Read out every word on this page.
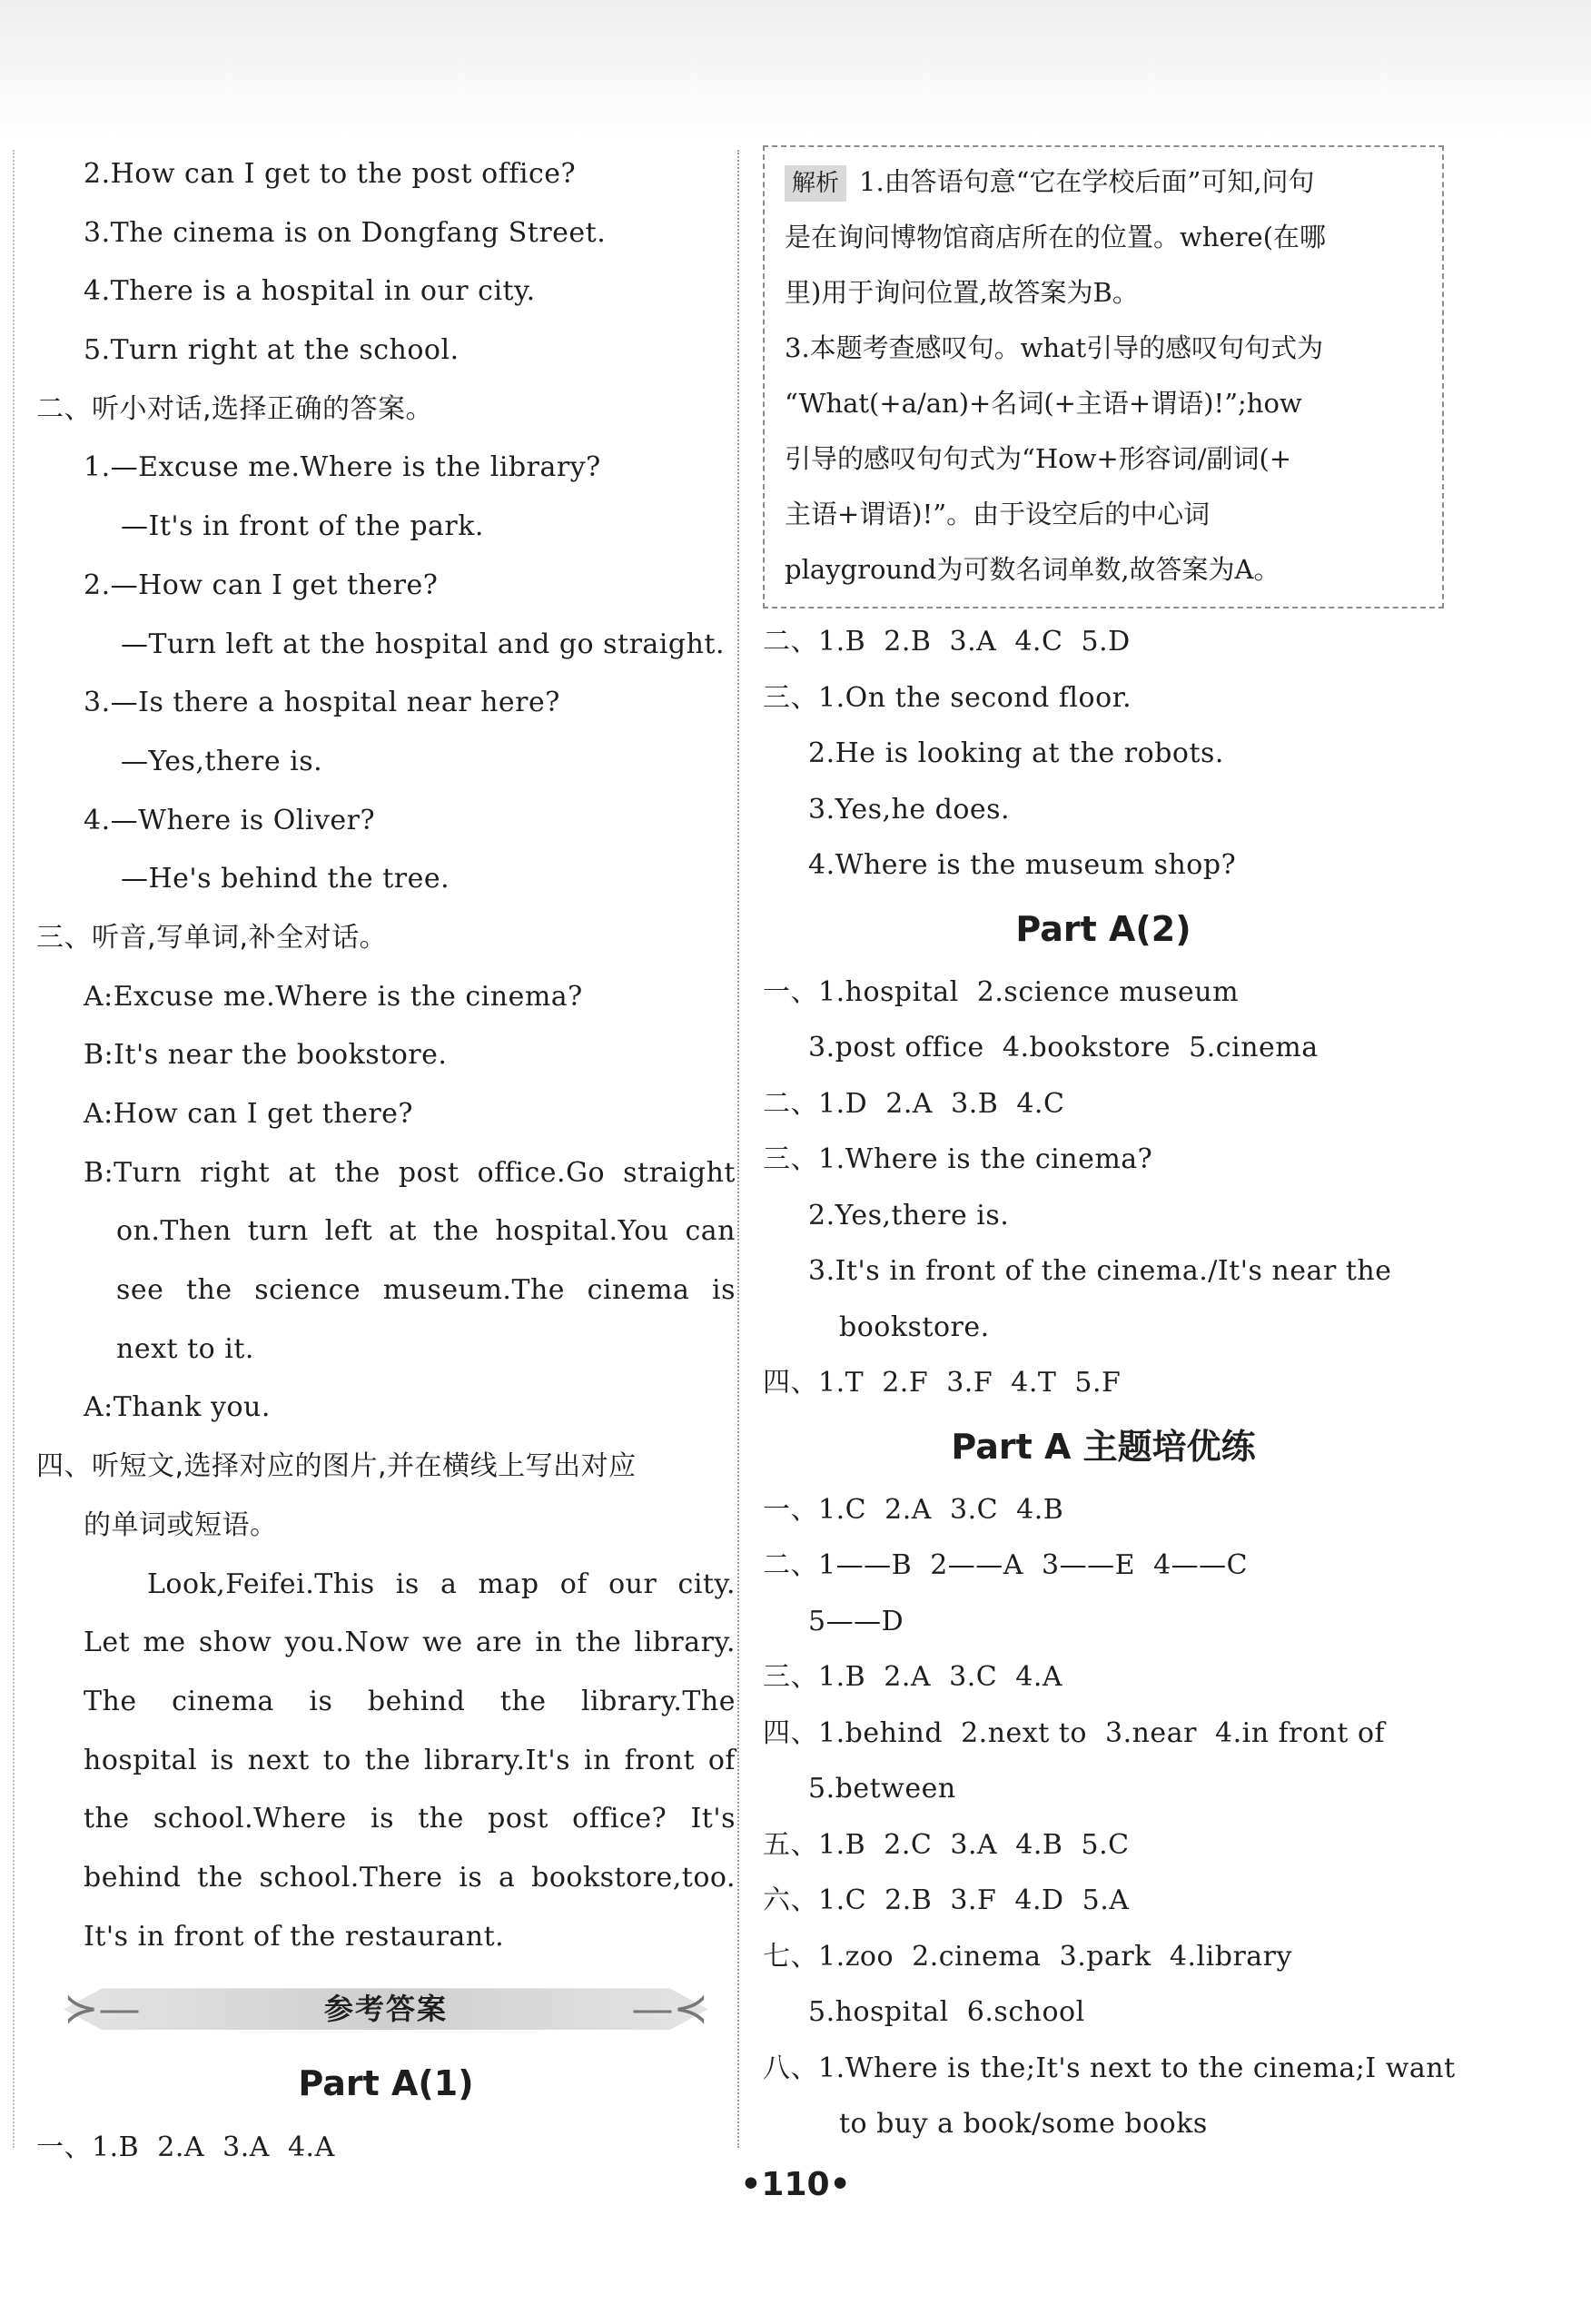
2.How can I get to the post office?
3.The cinema is on Dongfang Street.
4.There is a hospital in our city.
5.Turn right at the school.
二、听小对话,选择正确的答案。
1.—Excuse me.Where is the library?
—It's in front of the park.
2.—How can I get there?
—Turn left at the hospital and go straight.
3.—Is there a hospital near here?
—Yes,there is.
4.—Where is Oliver?
—He's behind the tree.
三、听音,写单词,补全对话。
A:Excuse me.Where is the cinema?
B:It's near the bookstore.
A:How can I get there?
B:Turn right at the post office.Go straight
on.Then turn left at the hospital.You can
see the science museum.The cinema is
next to it.
A:Thank you.
四、听短文,选择对应的图片,并在横线上写出对应
的单词或短语。
Look,Feifei.This is a map of our city.
Let me show you.Now we are in the library.
The cinema is behind the library.The
hospital is next to the library.It's in front of
the school.Where is the post office? It's
behind the school.There is a bookstore,too.
It's in front of the restaurant.
≻—	—≺
参考答案
Part A(1)
一、1.B  2.A  3.A  4.A
解析 1.由答语句意“它在学校后面”可知,问句
是在询问博物馆商店所在的位置。where(在哪
里)用于询问位置,故答案为B。
3.本题考查感叹句。what引导的感叹句句式为
“What(+a/an)+名词(+主语+谓语)!”;how
引导的感叹句句式为“How+形容词/副词(+
主语+谓语)!”。由于设空后的中心词
playground为可数名词单数,故答案为A。
二、1.B  2.B  3.A  4.C  5.D
三、1.On the second floor.
2.He is looking at the robots.
3.Yes,he does.
4.Where is the museum shop?
Part A(2)
一、1.hospital  2.science museum
3.post office  4.bookstore  5.cinema
二、1.D  2.A  3.B  4.C
三、1.Where is the cinema?
2.Yes,there is.
3.It's in front of the cinema./It's near the
bookstore.
四、1.T  2.F  3.F  4.T  5.F
Part A 主题培优练
一、1.C  2.A  3.C  4.B
二、1——B  2——A  3——E  4——C
5——D
三、1.B  2.A  3.C  4.A
四、1.behind  2.next to  3.near  4.in front of
5.between
五、1.B  2.C  3.A  4.B  5.C
六、1.C  2.B  3.F  4.D  5.A
七、1.zoo  2.cinema  3.park  4.library
5.hospital  6.school
八、1.Where is the;It's next to the cinema;I want
to buy a book/some books
•110•
